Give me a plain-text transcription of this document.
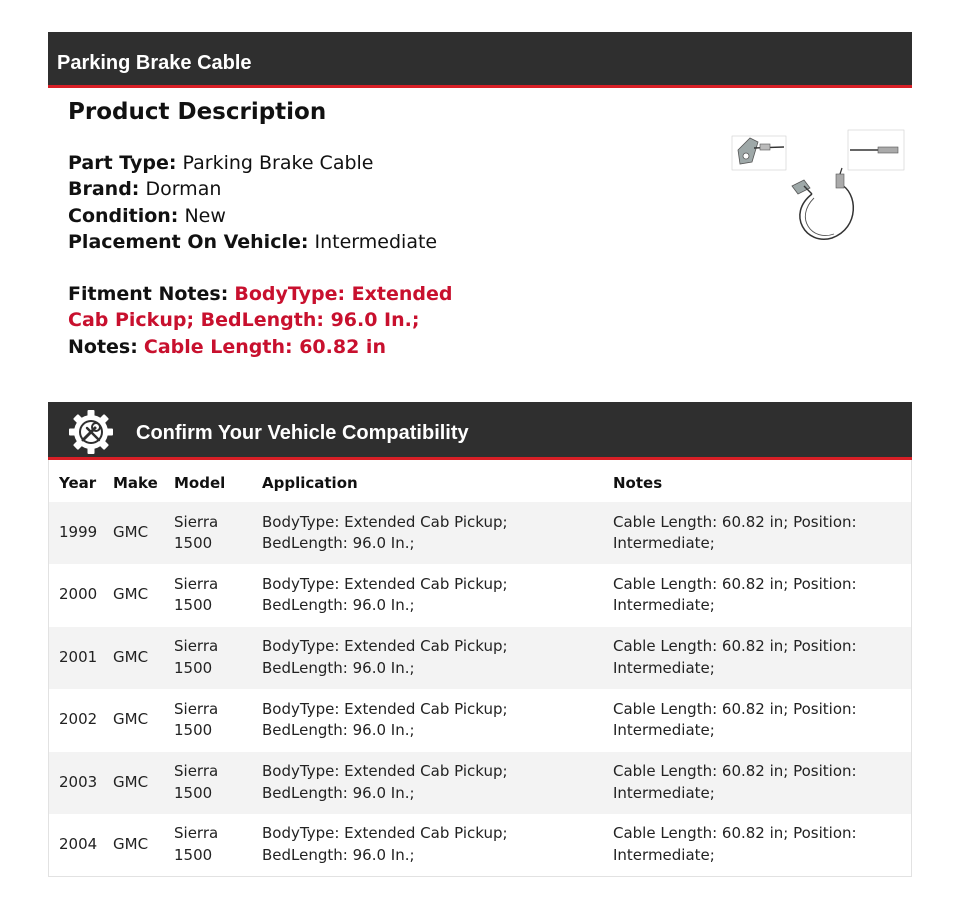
Parking Brake Cable
Product Description
Part Type: Parking Brake Cable
Brand: Dorman
Condition: New
Placement On Vehicle: Intermediate
Fitment Notes: BodyType: Extended Cab Pickup; BedLength: 96.0 In.;
Notes: Cable Length: 60.82 in
Confirm Your Vehicle Compatibility
Year Make Model	Application	Notes
1999 GMC
Sierra 1500
BodyType: Extended Cab Pickup; BedLength: 96.0 In.;
Cable Length: 60.82 in; Position: Intermediate;
2000 GMC
Sierra 1500
BodyType: Extended Cab Pickup; BedLength: 96.0 In.;
Cable Length: 60.82 in; Position: Intermediate;
2001 GMC
Sierra 1500
BodyType: Extended Cab Pickup; BedLength: 96.0 In.;
Cable Length: 60.82 in; Position: Intermediate;
2002 GMC
Sierra 1500
BodyType: Extended Cab Pickup; BedLength: 96.0 In.;
Cable Length: 60.82 in; Position: Intermediate;
2003 GMC
Sierra 1500
BodyType: Extended Cab Pickup; BedLength: 96.0 In.;
Cable Length: 60.82 in; Position: Intermediate;
2004 GMC
Sierra 1500
BodyType: Extended Cab Pickup; BedLength: 96.0 In.;
Cable Length: 60.82 in; Position: Intermediate;
